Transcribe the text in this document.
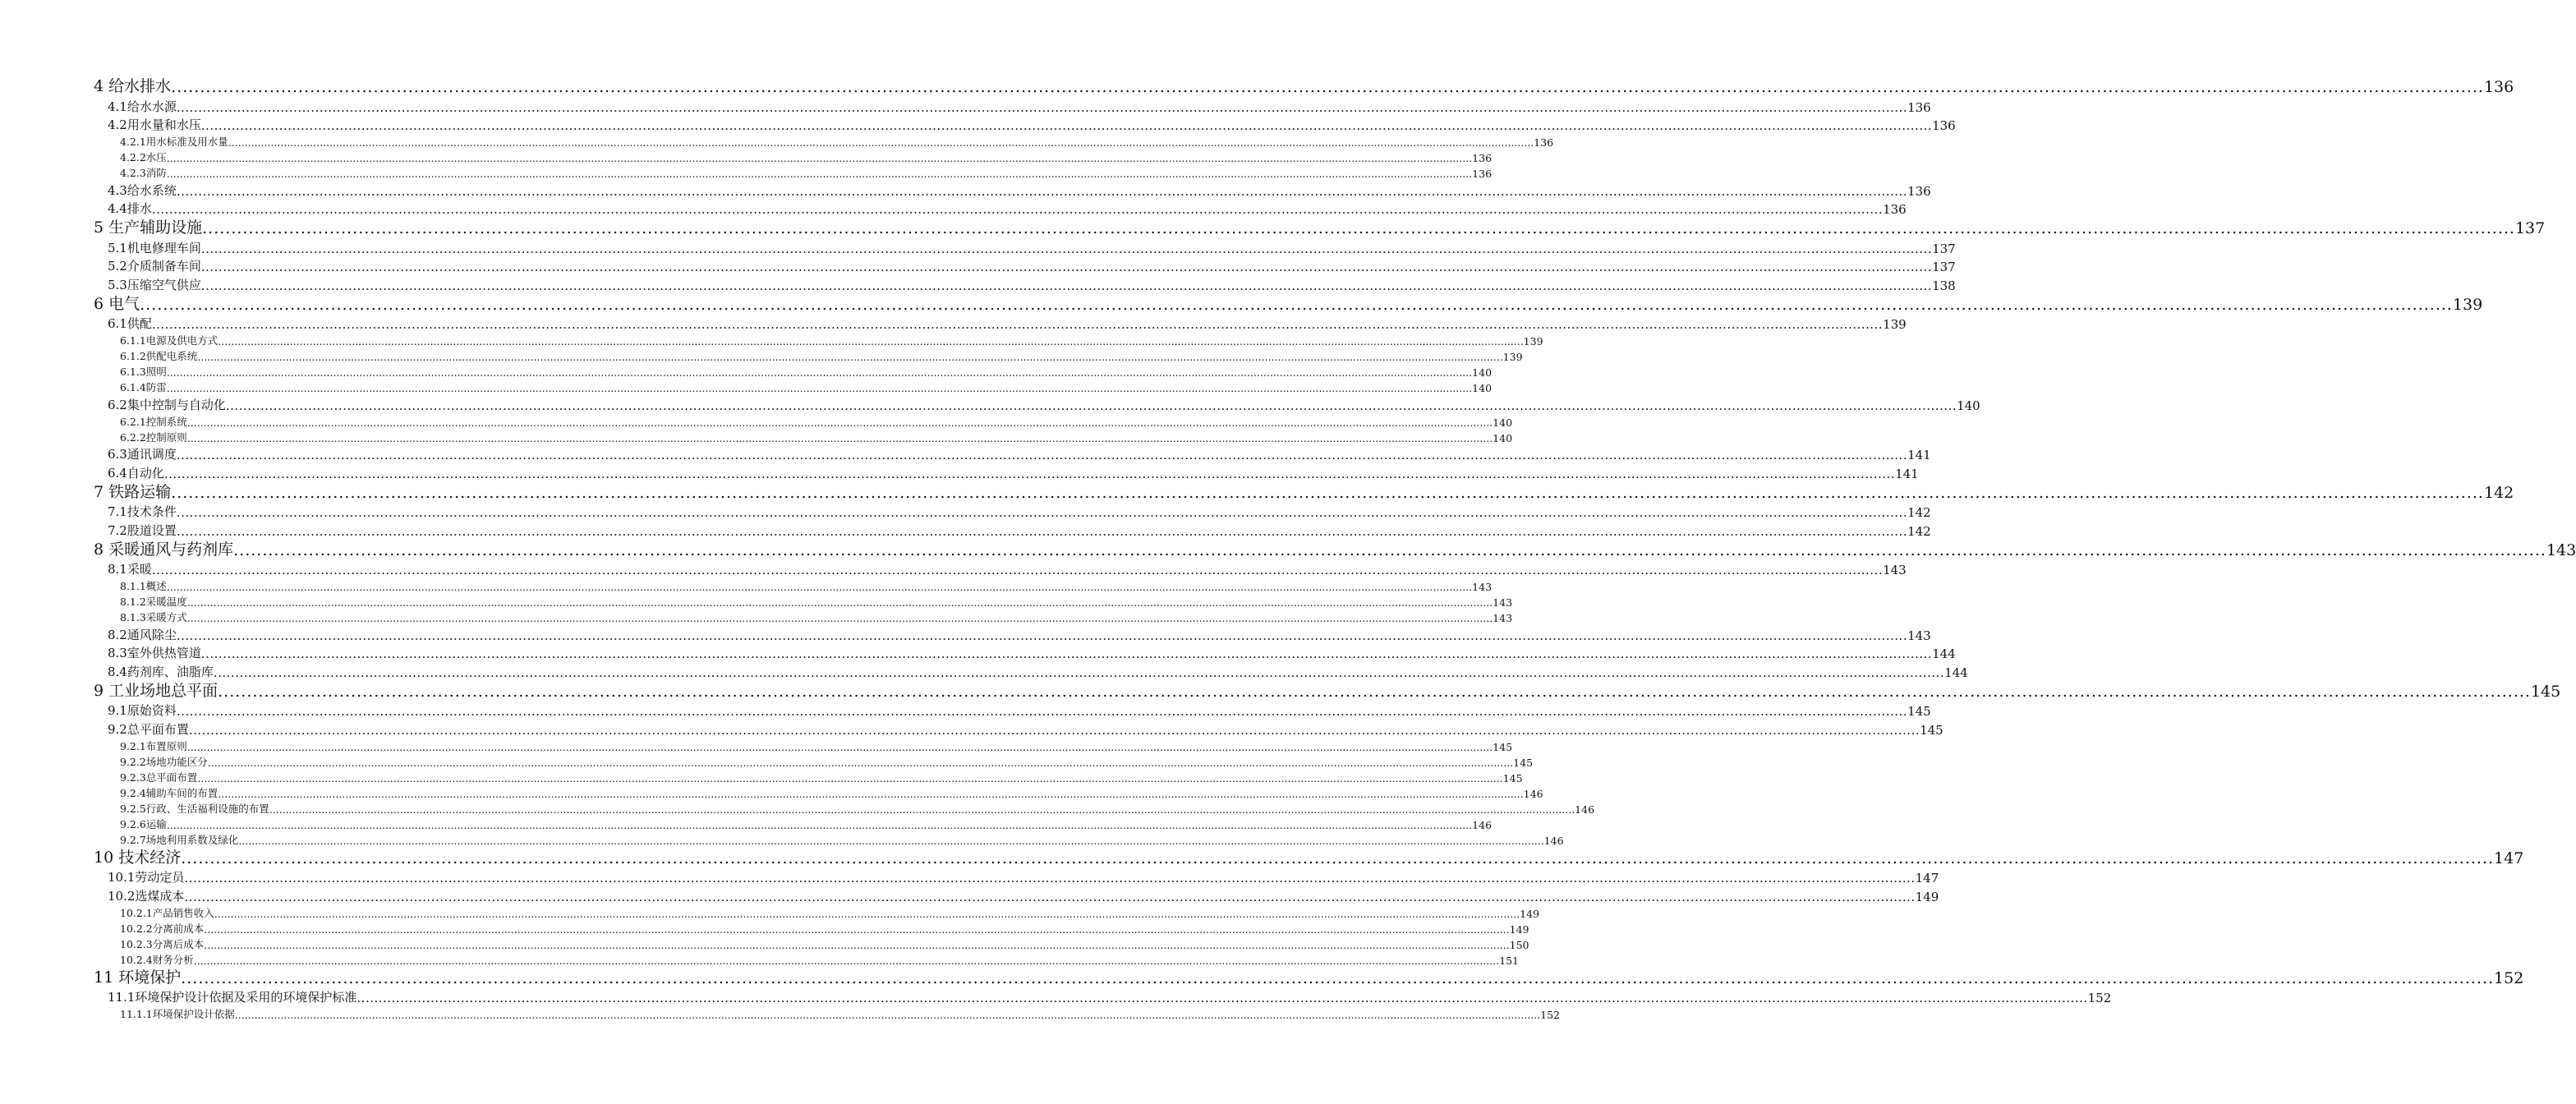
4 给水排水 ................................................................................................................................................................................................................................................................................................................................................................................................................ 136
4.1给水水源 ................................................................................................................................................................................................................................................................................................................................................................................................................ 136
4.2用水量和水压 ................................................................................................................................................................................................................................................................................................................................................................................................................ 136
4.2.1用水标准及用水量 ................................................................................................................................................................................................................................................................................................................................................................................................................ 136
4.2.2水压 ................................................................................................................................................................................................................................................................................................................................................................................................................ 136
4.2.3消防 ................................................................................................................................................................................................................................................................................................................................................................................................................ 136
4.3给水系统 ................................................................................................................................................................................................................................................................................................................................................................................................................ 136
4.4排水 ................................................................................................................................................................................................................................................................................................................................................................................................................ 136
5 生产辅助设施 ................................................................................................................................................................................................................................................................................................................................................................................................................ 137
5.1机电修理车间 ................................................................................................................................................................................................................................................................................................................................................................................................................ 137
5.2介质制备车间 ................................................................................................................................................................................................................................................................................................................................................................................................................ 137
5.3压缩空气供应 ................................................................................................................................................................................................................................................................................................................................................................................................................ 138
6 电气 ................................................................................................................................................................................................................................................................................................................................................................................................................ 139
6.1供配 ................................................................................................................................................................................................................................................................................................................................................................................................................ 139
6.1.1电源及供电方式 ................................................................................................................................................................................................................................................................................................................................................................................................................ 139
6.1.2供配电系统 ................................................................................................................................................................................................................................................................................................................................................................................................................ 139
6.1.3照明 ................................................................................................................................................................................................................................................................................................................................................................................................................ 140
6.1.4防雷 ................................................................................................................................................................................................................................................................................................................................................................................................................ 140
6.2集中控制与自动化 ................................................................................................................................................................................................................................................................................................................................................................................................................ 140
6.2.1控制系统 ................................................................................................................................................................................................................................................................................................................................................................................................................ 140
6.2.2控制原则 ................................................................................................................................................................................................................................................................................................................................................................................................................ 140
6.3通讯调度 ................................................................................................................................................................................................................................................................................................................................................................................................................ 141
6.4自动化 ................................................................................................................................................................................................................................................................................................................................................................................................................ 141
7 铁路运输 ................................................................................................................................................................................................................................................................................................................................................................................................................ 142
7.1技术条件 ................................................................................................................................................................................................................................................................................................................................................................................................................ 142
7.2股道设置 ................................................................................................................................................................................................................................................................................................................................................................................................................ 142
8 采暖通风与药剂库 ................................................................................................................................................................................................................................................................................................................................................................................................................ 143
8.1采暖 ................................................................................................................................................................................................................................................................................................................................................................................................................ 143
8.1.1概述 ................................................................................................................................................................................................................................................................................................................................................................................................................ 143
8.1.2采暖温度 ................................................................................................................................................................................................................................................................................................................................................................................................................ 143
8.1.3采暖方式 ................................................................................................................................................................................................................................................................................................................................................................................................................ 143
8.2通风除尘 ................................................................................................................................................................................................................................................................................................................................................................................................................ 143
8.3室外供热管道 ................................................................................................................................................................................................................................................................................................................................................................................................................ 144
8.4药剂库、油脂库 ................................................................................................................................................................................................................................................................................................................................................................................................................ 144
9 工业场地总平面 ................................................................................................................................................................................................................................................................................................................................................................................................................ 145
9.1原始资料 ................................................................................................................................................................................................................................................................................................................................................................................................................ 145
9.2总平面布置 ................................................................................................................................................................................................................................................................................................................................................................................................................ 145
9.2.1布置原则 ................................................................................................................................................................................................................................................................................................................................................................................................................ 145
9.2.2场地功能区分 ................................................................................................................................................................................................................................................................................................................................................................................................................ 145
9.2.3总平面布置 ................................................................................................................................................................................................................................................................................................................................................................................................................ 145
9.2.4辅助车间的布置 ................................................................................................................................................................................................................................................................................................................................................................................................................ 146
9.2.5行政、生活福利设施的布置 ................................................................................................................................................................................................................................................................................................................................................................................................................ 146
9.2.6运输 ................................................................................................................................................................................................................................................................................................................................................................................................................ 146
9.2.7场地利用系数及绿化 ................................................................................................................................................................................................................................................................................................................................................................................................................ 146
10 技术经济 ................................................................................................................................................................................................................................................................................................................................................................................................................ 147
10.1劳动定员 ................................................................................................................................................................................................................................................................................................................................................................................................................ 147
10.2选煤成本 ................................................................................................................................................................................................................................................................................................................................................................................................................ 149
10.2.1产品销售收入 ................................................................................................................................................................................................................................................................................................................................................................................................................ 149
10.2.2分离前成本 ................................................................................................................................................................................................................................................................................................................................................................................................................ 149
10.2.3分离后成本 ................................................................................................................................................................................................................................................................................................................................................................................................................ 150
10.2.4财务分析 ................................................................................................................................................................................................................................................................................................................................................................................................................ 151
11 环境保护 ................................................................................................................................................................................................................................................................................................................................................................................................................ 152
11.1环境保护设计依据及采用的环境保护标准 ................................................................................................................................................................................................................................................................................................................................................................................................................ 152
11.1.1环境保护设计依据 ................................................................................................................................................................................................................................................................................................................................................................................................................ 152
